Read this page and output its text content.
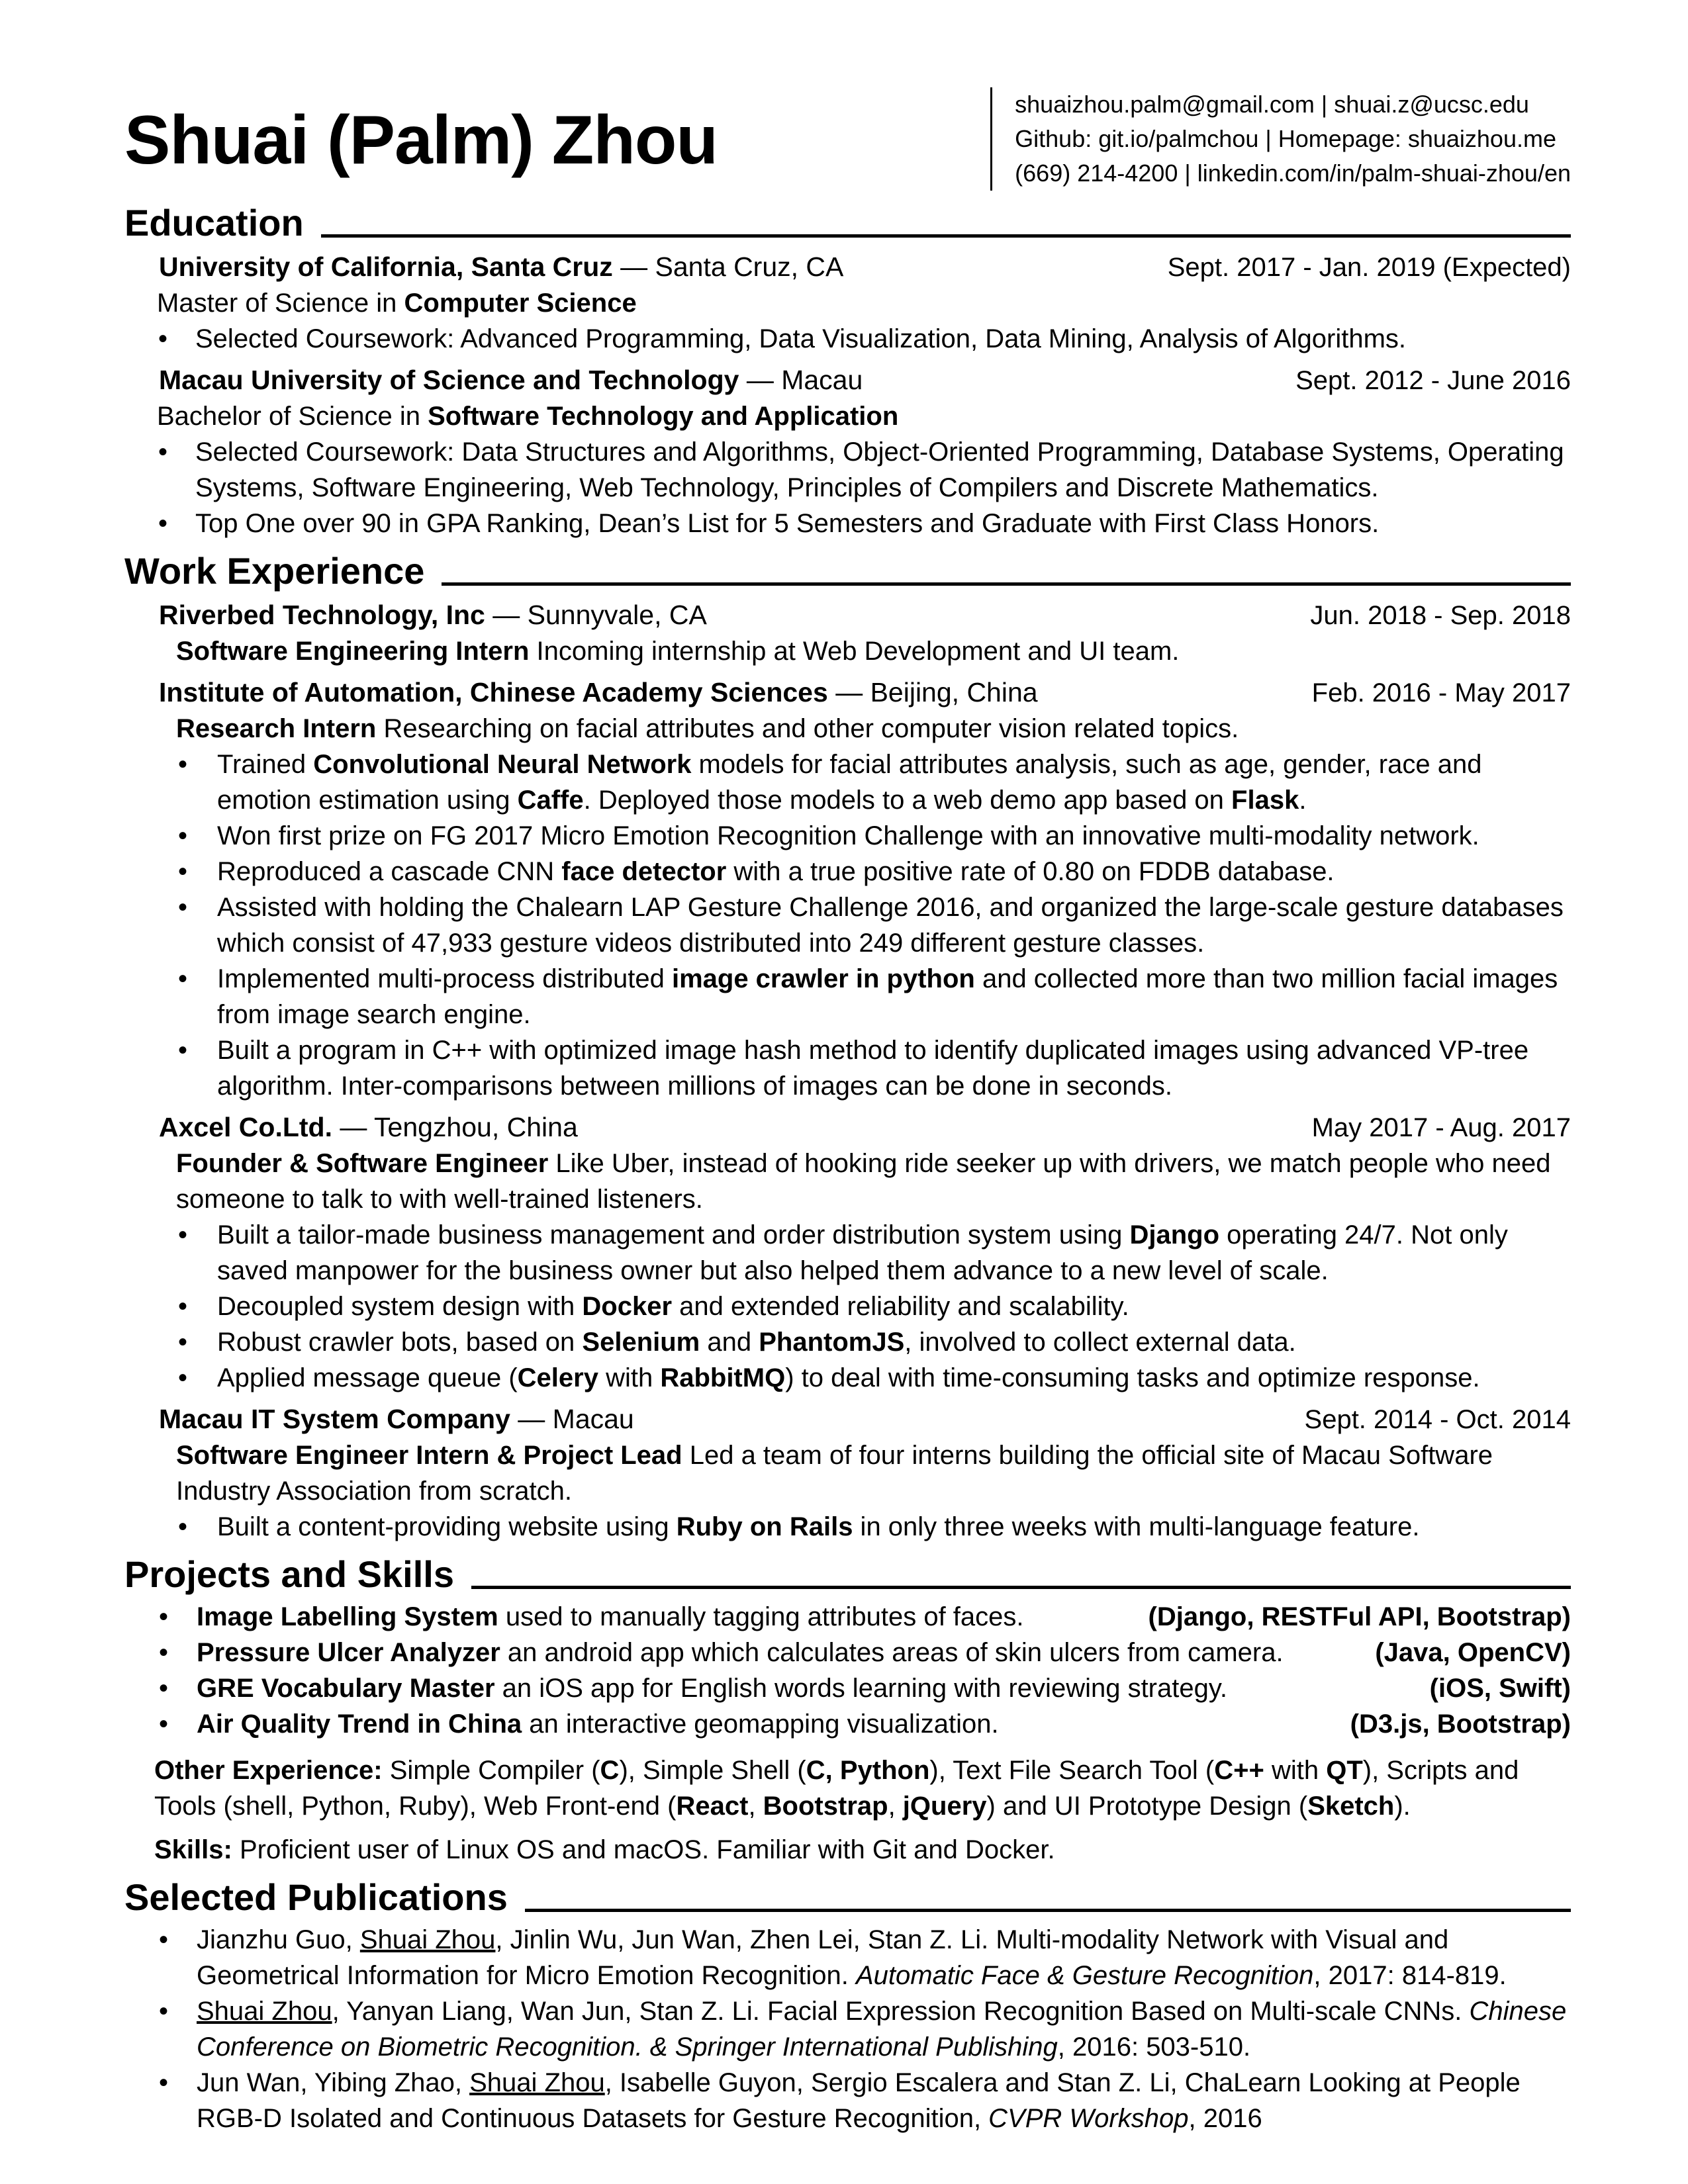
Shuai (Palm) Zhou	shuaizhou.palm@gmail.com | shuai.z@ucsc.edu
Github: git.io/palmchou | Homepage: shuaizhou.me
(669) 214-4200 | linkedin.com/in/palm-shuai-zhou/en
Education
University of California, Santa Cruz — Santa Cruz, CA	Sept. 2017 - Jan. 2019 (Expected)
Master of Science in Computer Science
• Selected Coursework: Advanced Programming, Data Visualization, Data Mining, Analysis of Algorithms.
Macau University of Science and Technology — Macau	Sept. 2012 - June 2016
Bachelor of Science in Software Technology and Application
• Selected Coursework: Data Structures and Algorithms, Object-Oriented Programming, Database Systems, Operating Systems, Software Engineering, Web Technology, Principles of Compilers and Discrete Mathematics.
• Top One over 90 in GPA Ranking, Dean’s List for 5 Semesters and Graduate with First Class Honors.
Work Experience
Riverbed Technology, Inc — Sunnyvale, CA	Jun. 2018 - Sep. 2018
Software Engineering Intern Incoming internship at Web Development and UI team.
Institute of Automation, Chinese Academy Sciences — Beijing, China	Feb. 2016 - May 2017
Research Intern Researching on facial attributes and other computer vision related topics.
• Trained Convolutional Neural Network models for facial attributes analysis, such as age, gender, race and emotion estimation using Caffe. Deployed those models to a web demo app based on Flask.
• Won first prize on FG 2017 Micro Emotion Recognition Challenge with an innovative multi-modality network.
• Reproduced a cascade CNN face detector with a true positive rate of 0.80 on FDDB database.
• Assisted with holding the Chalearn LAP Gesture Challenge 2016, and organized the large-scale gesture databases which consist of 47,933 gesture videos distributed into 249 different gesture classes.
• Implemented multi-process distributed image crawler in python and collected more than two million facial images from image search engine.
• Built a program in C++ with optimized image hash method to identify duplicated images using advanced VP-tree algorithm. Inter-comparisons between millions of images can be done in seconds.
Axcel Co.Ltd. — Tengzhou, China	May 2017 - Aug. 2017
Founder & Software Engineer Like Uber, instead of hooking ride seeker up with drivers, we match people who need someone to talk to with well-trained listeners.
• Built a tailor-made business management and order distribution system using Django operating 24/7. Not only saved manpower for the business owner but also helped them advance to a new level of scale.
• Decoupled system design with Docker and extended reliability and scalability.
• Robust crawler bots, based on Selenium and PhantomJS, involved to collect external data.
• Applied message queue (Celery with RabbitMQ) to deal with time-consuming tasks and optimize response.
Macau IT System Company — Macau	Sept. 2014 - Oct. 2014
Software Engineer Intern & Project Lead Led a team of four interns building the official site of Macau Software Industry Association from scratch.
• Built a content-providing website using Ruby on Rails in only three weeks with multi-language feature.
Projects and Skills
• Image Labelling System used to manually tagging attributes of faces.	(Django, RESTFul API, Bootstrap)
• Pressure Ulcer Analyzer an android app which calculates areas of skin ulcers from camera.	(Java, OpenCV)
• GRE Vocabulary Master an iOS app for English words learning with reviewing strategy.	(iOS, Swift)
• Air Quality Trend in China an interactive geomapping visualization.	(D3.js, Bootstrap)
Other Experience: Simple Compiler (C), Simple Shell (C, Python), Text File Search Tool (C++ with QT), Scripts and Tools (shell, Python, Ruby), Web Front-end (React, Bootstrap, jQuery) and UI Prototype Design (Sketch).
Skills: Proficient user of Linux OS and macOS. Familiar with Git and Docker.
Selected Publications
• Jianzhu Guo, Shuai Zhou, Jinlin Wu, Jun Wan, Zhen Lei, Stan Z. Li. Multi-modality Network with Visual and Geometrical Information for Micro Emotion Recognition. Automatic Face & Gesture Recognition, 2017: 814-819.
• Shuai Zhou, Yanyan Liang, Wan Jun, Stan Z. Li. Facial Expression Recognition Based on Multi-scale CNNs. Chinese Conference on Biometric Recognition. & Springer International Publishing, 2016: 503-510.
• Jun Wan, Yibing Zhao, Shuai Zhou, Isabelle Guyon, Sergio Escalera and Stan Z. Li, ChaLearn Looking at People RGB-D Isolated and Continuous Datasets for Gesture Recognition, CVPR Workshop, 2016
